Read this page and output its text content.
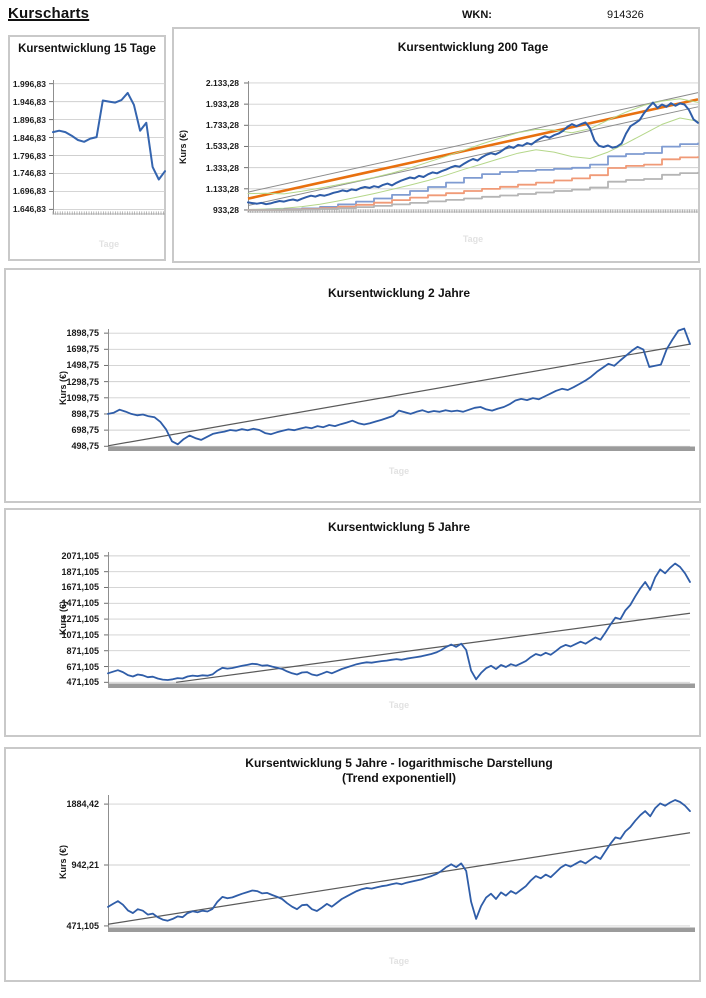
Kurscharts	WKN:	914326
Kursentwicklung 15 Tage
1.996,83
1.946,83
1.896,83
1.846,83
1.796,83
1.746,83
1.696,83
1.646,83
Tage
Kursentwicklung 200 Tage
Kurs (€)
2.133,28
1.933,28
1.733,28
1.533,28
1.333,28
1.133,28
933,28
Tage
Kursentwicklung 2 Jahre
Kurs (€)
1898,75
1698,75
1498,75
1298,75
1098,75
898,75
698,75
498,75
Tage
Kursentwicklung 5 Jahre
Kurs (€)
2071,105
1871,105
1671,105
1471,105
1271,105
1071,105
871,105
671,105
471,105
Tage
Kursentwicklung 5 Jahre - logarithmische Darstellung
(Trend exponentiell)
Kurs (€)
1884,42
942,21
471,105
Tage
